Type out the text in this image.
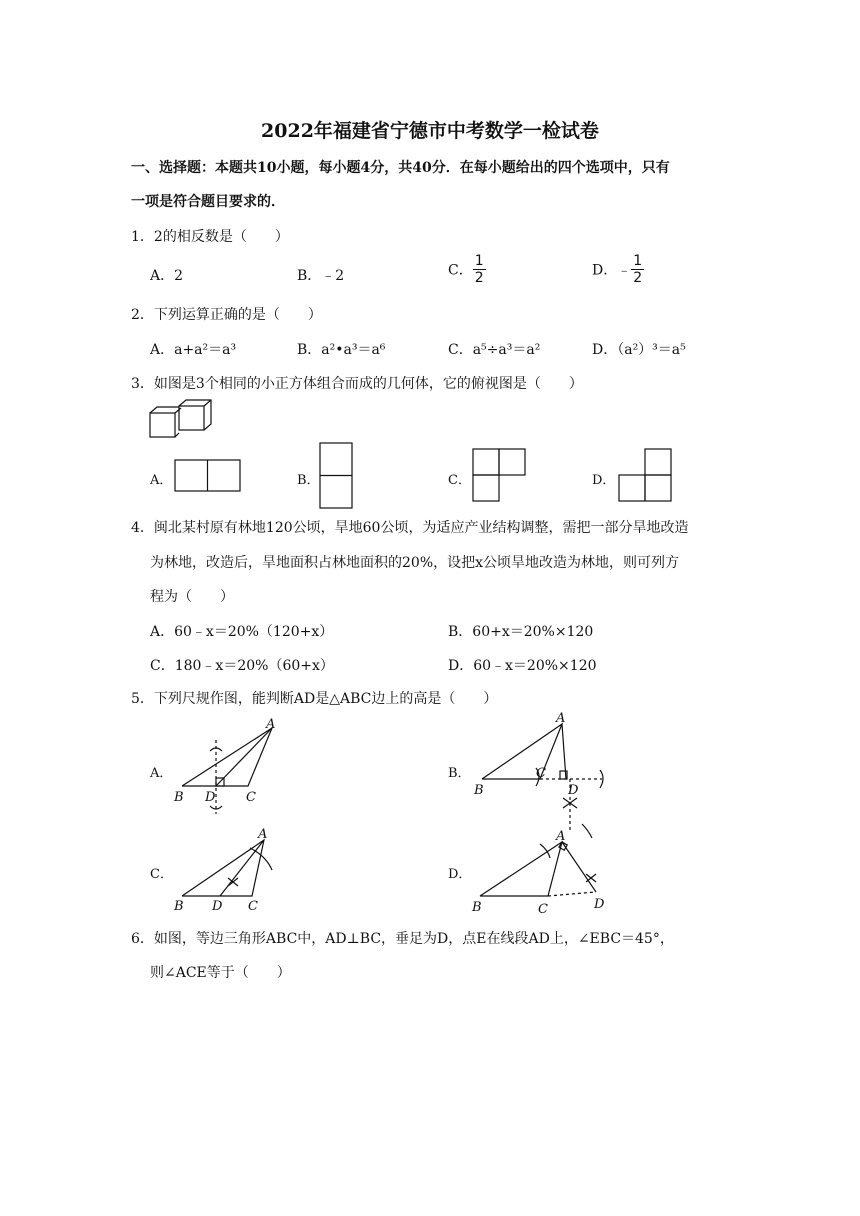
2022年福建省宁德市中考数学一检试卷
一、选择题：本题共10小题，每小题4分，共40分．在每小题给出的四个选项中，只有
一项是符合题目要求的．
1．2的相反数是（　　）
A．2	B．﹣2	C． $\frac{1}{2}$	D．﹣ $\frac{1}{2}$
2．下列运算正确的是（　　）
A．a+a²＝a³	B．a²•a³＝a⁶	C．a⁵÷a³＝a²	D．（a²）³＝a⁵
3．如图是3个相同的小正方体组合而成的几何体，它的俯视图是（　　）
A．	B．	C．	D．
4．闽北某村原有林地120公顷，旱地60公顷，为适应产业结构调整，需把一部分旱地改造
为林地，改造后，旱地面积占林地面积的20%，设把x公顷旱地改造为林地，则可列方
程为（　　）
A．60﹣x＝20%（120+x）	B．60+x＝20%×120
C．180﹣x＝20%（60+x）	D．60﹣x＝20%×120
5．下列尺规作图，能判断AD是△ABC边上的高是（　　）
A．
A
B D C
B．
A
B
C
D
C．
A
B D C
D．
A
B	C	D
6．如图，等边三角形ABC中，AD⊥BC，垂足为D，点E在线段AD上，∠EBC＝45°，
则∠ACE等于（　　）
